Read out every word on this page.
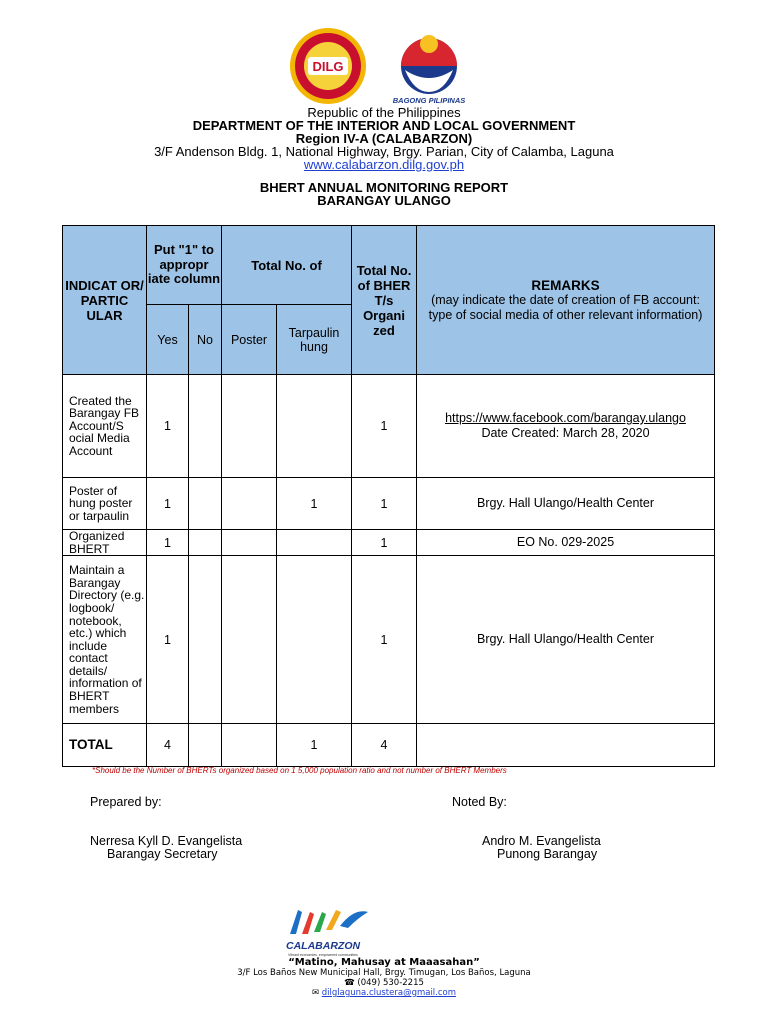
DILG
BAGONG PILIPINAS
Republic of the Philippines
DEPARTMENT OF THE INTERIOR AND LOCAL GOVERNMENT
Region IV-A (CALABARZON)
3/F Andenson Bldg. 1, National Highway, Brgy. Parian, City of Calamba, Laguna
www.calabarzon.dilg.gov.ph
BHERT ANNUAL MONITORING REPORT
BARANGAY ULANGO
INDICAT OR/ PARTIC ULAR	Put "1" to appropr iate column		Total No. of		Total No. of BHER T/s Organi zed	REMARKS
(may indicate the date of creation of FB account: type of social media of other relevant information)

	Yes	No	Poster	Tarpaulin hung		
Created the Barangay FB Account/S ocial Media Account	1				1	https://www.facebook.com/barangay.ulango
Date Created: March 28, 2020
Poster of hung poster or tarpaulin	1			1	1	Brgy. Hall Ulango/Health Center
Organized BHERT	1				1	EO No. 029-2025
Maintain a Barangay Directory (e.g. logbook/ notebook, etc.) which include contact details/ information of BHERT members	1				1	Brgy. Hall Ulango/Health Center
TOTAL	4			1	4	
*Should be the Number of BHERTs organized based on 1 5,000 population ratio and not number of BHERT Members
Prepared by:	Noted By:
Nerresa Kyll D. Evangelista
Barangay Secretary
Andro M. Evangelista
Punong Barangay
CALABARZON
Vibrant economies, empowered communities
“Matino, Mahusay at Maaasahan”
3/F Los Baños New Municipal Hall, Brgy. Timugan, Los Baños, Laguna
☎ (049) 530-2215
✉ dilglaguna.clustera@gmail.com
